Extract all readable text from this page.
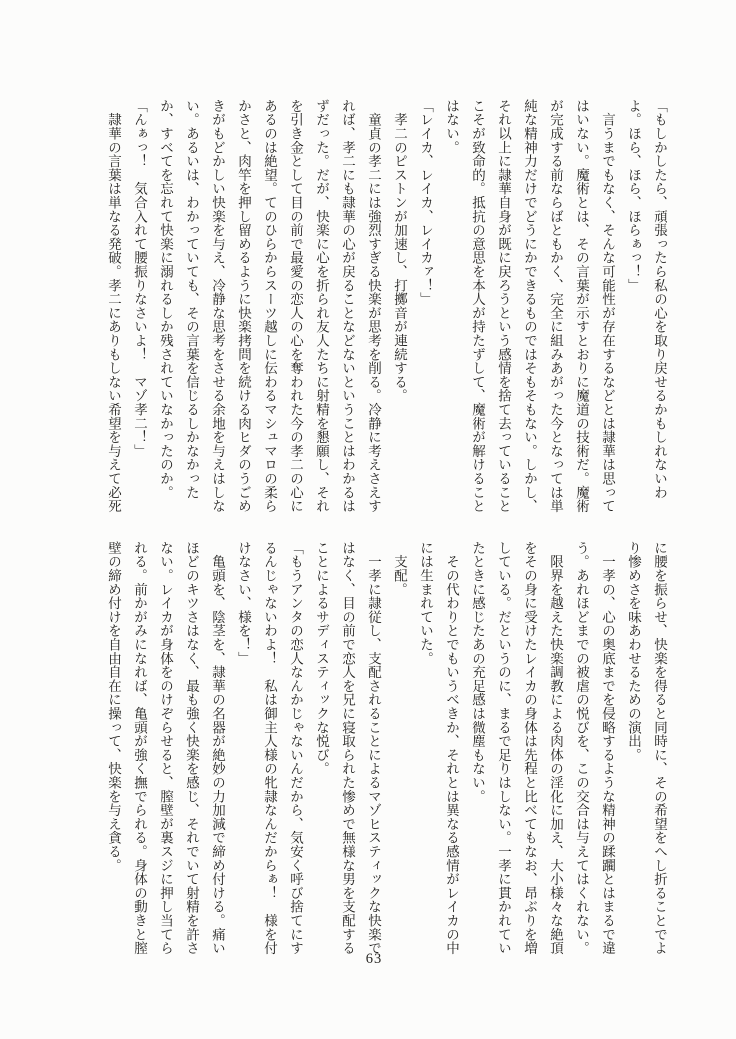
「もしかしたら、頑張ったら私の心を取り戻せるかもしれないわ
よ。ほら、ほら、ほらぁっ！」
　言うまでもなく、そんな可能性が存在するなどとは隷華は思って
はいない。魔術とは、その言葉が示すとおりに魔道の技術だ。魔術
が完成する前ならばともかく、完全に組みあがった今となっては単
純な精神力だけでどうにかできるものではそもそもない。しかし、
それ以上に隷華自身が既に戻ろうという感情を捨て去っていること
こそが致命的。抵抗の意思を本人が持たずして、魔術が解けること
はない。
「レイカ、レイカ、レイカァ！」
　孝二のピストンが加速し、打擲音が連続する。
　童貞の孝二には強烈すぎる快楽が思考を削る。冷静に考えさえす
れば、孝二にも隷華の心が戻ることなどないということはわかるは
ずだった。だが、快楽に心を折られ友人たちに射精を懇願し、それ
を引き金として目の前で最愛の恋人の心を奪われた今の孝二の心に
あるのは絶望。てのひらからスーツ越しに伝わるマシュマロの柔ら
かさと、肉竿を押し留めるように快楽拷問を続ける肉ヒダのうごめ
きがもどかしい快楽を与え、冷静な思考をさせる余地を与えはしな
い。あるいは、わかっていても、その言葉を信じるしかなかった
か、すべてを忘れて快楽に溺れるしか残されていなかったのか。
「んぁっ！　気合入れて腰振りなさいよ！　マゾ孝二！」
　隷華の言葉は単なる発破。孝二にありもしない希望を与えて必死
に腰を振らせ、快楽を得ると同時に、その希望をへし折ることでよ
り惨めさを味あわせるための演出。
　一孝の、心の奥底までを侵略するような精神の蹂躙とはまるで違
う。あれほどまでの被虐の悦びを、この交合は与えてはくれない。
　限界を越えた快楽調教による肉体の淫化に加え、大小様々な絶頂
をその身に受けたレイカの身体は先程と比べてもなお、昂ぶりを増
している。だというのに、まるで足りはしない。一孝に貫かれてい
たときに感じたあの充足感は微塵もない。
　その代わりとでもいうべきか、それとは異なる感情がレイカの中
には生まれていた。
　支配。
　一孝に隷従し、支配されることによるマゾヒスティックな快楽で
はなく、目の前で恋人を兄に寝取られた惨めで無様な男を支配する
ことによるサディスティックな悦び。
「もうアンタの恋人なんかじゃないんだから、気安く呼び捨てにす
るんじゃないわよ！　私は御主人様の牝隷なんだからぁ！　様を付
けなさい、様を！」
　亀頭を、陰茎を、隷華の名器が絶妙の力加減で締め付ける。痛い
ほどのキツさはなく、最も強く快楽を感じ、それでいて射精を許さ
ない。レイカが身体をのけぞらせると、膣壁が裏スジに押し当てら
れる。前かがみになれば、亀頭が強く撫でられる。身体の動きと膣
壁の締め付けを自由自在に操って、快楽を与え貪る。
63
